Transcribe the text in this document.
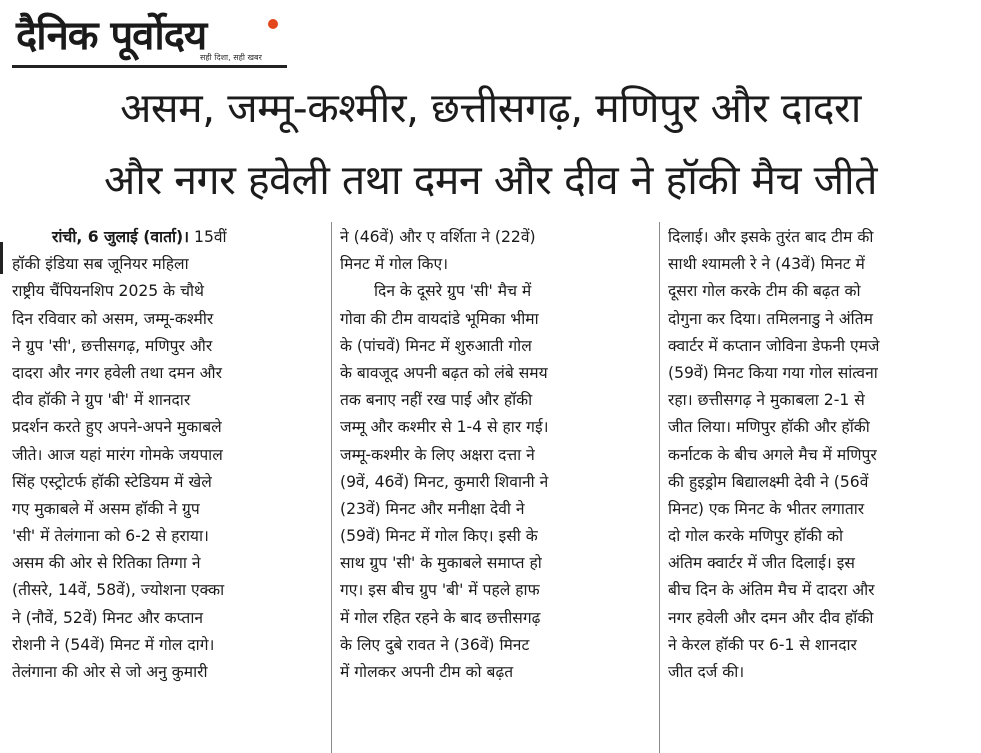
दैनिक पूर्वोदय
सही दिशा, सही खबर
असम, जम्मू-कश्मीर, छत्तीसगढ़, मणिपुर और दादरा
और नगर हवेली तथा दमन और दीव ने हॉकी मैच जीते
रांची, 6 जुलाई (वार्ता)। 15वीं
हॉकी इंडिया सब जूनियर महिला
राष्ट्रीय चैंपियनशिप 2025 के चौथे
दिन रविवार को असम, जम्मू-कश्मीर
ने ग्रुप 'सी', छत्तीसगढ़, मणिपुर और
दादरा और नगर हवेली तथा दमन और
दीव हॉकी ने ग्रुप 'बी' में शानदार
प्रदर्शन करते हुए अपने-अपने मुकाबले
जीते। आज यहां मारंग गोमके जयपाल
सिंह एस्ट्रोटर्फ हॉकी स्टेडियम में खेले
गए मुकाबले में असम हॉकी ने ग्रुप
'सी' में तेलंगाना को 6-2 से हराया।
असम की ओर से रितिका तिग्गा ने
(तीसरे, 14वें, 58वें), ज्योशना एक्का
ने (नौवें, 52वें) मिनट और कप्तान
रोशनी ने (54वें) मिनट में गोल दागे।
तेलंगाना की ओर से जो अनु कुमारी
ने (46वें) और ए वर्शिता ने (22वें)
मिनट में गोल किए।
दिन के दूसरे ग्रुप 'सी' मैच में
गोवा की टीम वायदांडे भूमिका भीमा
के (पांचवें) मिनट में शुरुआती गोल
के बावजूद अपनी बढ़त को लंबे समय
तक बनाए नहीं रख पाई और हॉकी
जम्मू और कश्मीर से 1-4 से हार गई।
जम्मू-कश्मीर के लिए अक्षरा दत्ता ने
(9वें, 46वें) मिनट, कुमारी शिवानी ने
(23वें) मिनट और मनीक्षा देवी ने
(59वें) मिनट में गोल किए। इसी के
साथ ग्रुप 'सी' के मुकाबले समाप्त हो
गए। इस बीच ग्रुप 'बी' में पहले हाफ
में गोल रहित रहने के बाद छत्तीसगढ़
के लिए दुबे रावत ने (36वें) मिनट
में गोलकर अपनी टीम को बढ़त
दिलाई। और इसके तुरंत बाद टीम की
साथी श्यामली रे ने (43वें) मिनट में
दूसरा गोल करके टीम की बढ़त को
दोगुना कर दिया। तमिलनाडु ने अंतिम
क्वार्टर में कप्तान जोविना डेफनी एमजे
(59वें) मिनट किया गया गोल सांत्वना
रहा। छत्तीसगढ़ ने मुकाबला 2-1 से
जीत लिया। मणिपुर हॉकी और हॉकी
कर्नाटक के बीच अगले मैच में मणिपुर
की हुइड्रोम बिद्यालक्ष्मी देवी ने (56वें
मिनट) एक मिनट के भीतर लगातार
दो गोल करके मणिपुर हॉकी को
अंतिम क्वार्टर में जीत दिलाई। इस
बीच दिन के अंतिम मैच में दादरा और
नगर हवेली और दमन और दीव हॉकी
ने केरल हॉकी पर 6-1 से शानदार
जीत दर्ज की।
